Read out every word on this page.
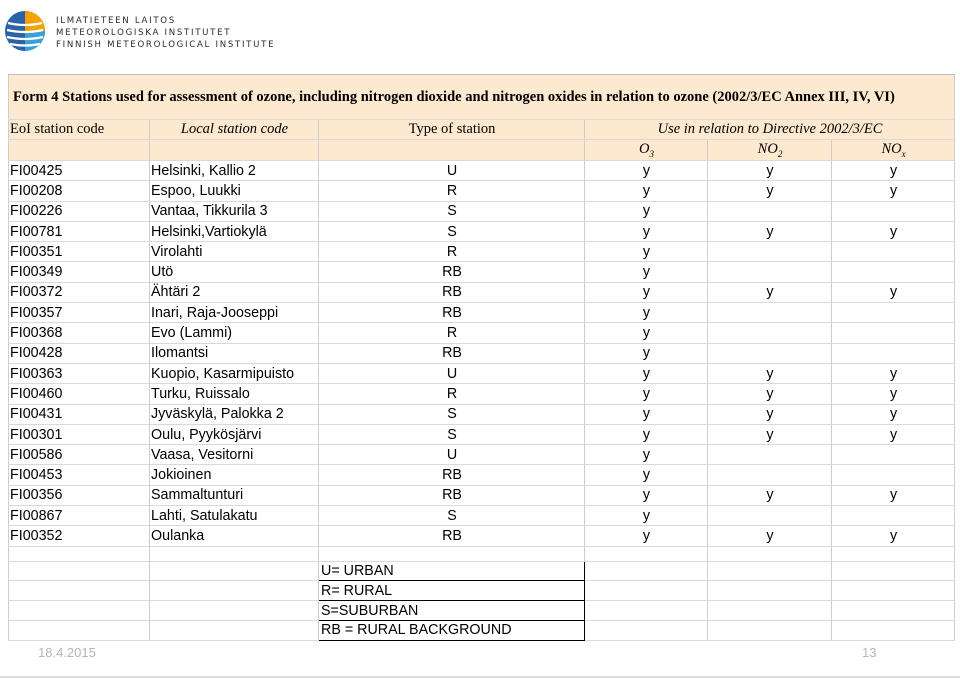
ILMATIETEEN LAITOS
METEOROLOGISKA INSTITUTET
FINNISH METEOROLOGICAL INSTITUTE
Form 4 Stations used for assessment of ozone, including nitrogen dioxide and nitrogen oxides in relation to ozone (2002/3/EC Annex III, IV, VI)					
EoI station code	Local station code	Type of station	Use in relation to Directive 2002/3/EC		
			$O_3$	$NO_2$	$NO_x$
FI00425	Helsinki, Kallio 2	U	y	y	y
FI00208	Espoo, Luukki	R	y	y	y
FI00226	Vantaa, Tikkurila 3	S	y		
FI00781	Helsinki,Vartiokylä	S	y	y	y
FI00351	Virolahti	R	y		
FI00349	Utö	RB	y		
FI00372	Ähtäri 2	RB	y	y	y
FI00357	Inari, Raja-Jooseppi	RB	y		
FI00368	Evo (Lammi)	R	y		
FI00428	Ilomantsi	RB	y		
FI00363	Kuopio, Kasarmipuisto	U	y	y	y
FI00460	Turku, Ruissalo	R	y	y	y
FI00431	Jyväskylä, Palokka 2	S	y	y	y
FI00301	Oulu, Pyykösjärvi	S	y	y	y
FI00586	Vaasa, Vesitorni	U	y		
FI00453	Jokioinen	RB	y		
FI00356	Sammaltunturi	RB	y	y	y
FI00867	Lahti, Satulakatu	S	y		
FI00352	Oulanka	RB	y	y	y

		U= URBAN			
		R= RURAL			
		S=SUBURBAN			
		RB = RURAL BACKGROUND			
18.4.2015	13
